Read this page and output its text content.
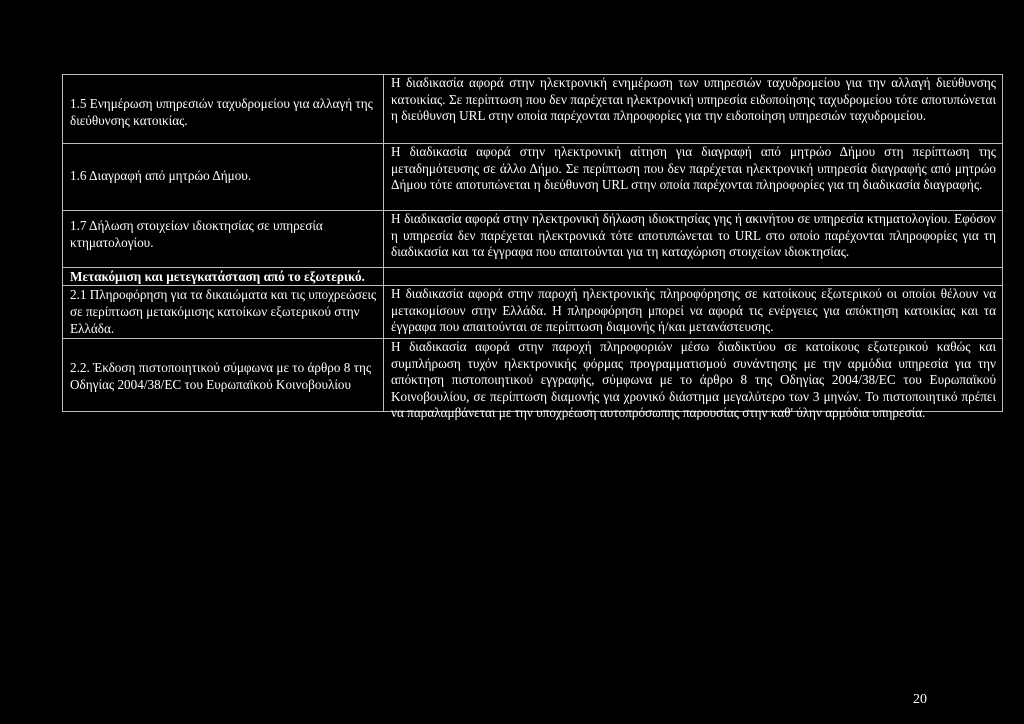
1.5 Ενημέρωση υπηρεσιών ταχυδρομείου για αλλαγή της διεύθυνσης κατοικίας.
Η διαδικασία αφορά στην ηλεκτρονική ενημέρωση των υπηρεσιών ταχυδρομείου για την αλλαγή διεύθυνσης κατοικίας. Σε περίπτωση που δεν παρέχεται ηλεκτρονική υπηρεσία ειδοποίησης ταχυδρομείου τότε αποτυπώνεται η διεύθυνση URL στην οποία παρέχονται πληροφορίες για την ειδοποίηση υπηρεσιών ταχυδρομείου.
1.6 Διαγραφή από μητρώο Δήμου.
Η διαδικασία αφορά στην ηλεκτρονική αίτηση για διαγραφή από μητρώο Δήμου στη περίπτωση της μεταδημότευσης σε άλλο Δήμο. Σε περίπτωση που δεν παρέχεται ηλεκτρονική υπηρεσία διαγραφής από μητρώο Δήμου τότε αποτυπώνεται η διεύθυνση URL στην οποία παρέχονται πληροφορίες για τη διαδικασία διαγραφής.
1.7 Δήλωση στοιχείων ιδιοκτησίας σε υπηρεσία κτηματολογίου.
Η διαδικασία αφορά στην ηλεκτρονική δήλωση ιδιοκτησίας γης ή ακινήτου σε υπηρεσία κτηματολογίου. Εφόσον η υπηρεσία δεν παρέχεται ηλεκτρονικά τότε αποτυπώνεται το URL στο οποίο παρέχονται πληροφορίες για τη διαδικασία και τα έγγραφα που απαιτούνται για τη καταχώριση στοιχείων ιδιοκτησίας.
Μετακόμιση και μετεγκατάσταση από το εξωτερικό.
2.1 Πληροφόρηση για τα δικαιώματα και τις υποχρεώσεις σε περίπτωση μετακόμισης κατοίκων εξωτερικού στην Ελλάδα.
Η διαδικασία αφορά στην παροχή ηλεκτρονικής πληροφόρησης σε κατοίκους εξωτερικού οι οποίοι θέλουν να μετακομίσουν στην Ελλάδα. Η πληροφόρηση μπορεί να αφορά τις ενέργειες για απόκτηση κατοικίας και τα έγγραφα που απαιτούνται σε περίπτωση διαμονής ή/και μετανάστευσης.
2.2. Έκδοση πιστοποιητικού σύμφωνα με το άρθρο 8 της Οδηγίας 2004/38/ΕC του Ευρωπαϊκού Κοινοβουλίου
Η διαδικασία αφορά στην παροχή πληροφοριών μέσω διαδικτύου σε κατοίκους εξωτερικού καθώς και συμπλήρωση τυχόν ηλεκτρονικής φόρμας προγραμματισμού συνάντησης με την αρμόδια υπηρεσία για την απόκτηση πιστοποιητικού εγγραφής, σύμφωνα με το άρθρο 8 της Οδηγίας 2004/38/ΕC του Ευρωπαϊκού Κοινοβουλίου, σε περίπτωση διαμονής για χρονικό διάστημα μεγαλύτερο των 3 μηνών. Το πιστοποιητικό πρέπει να παραλαμβάνεται με την υποχρέωση αυτοπρόσωπης παρουσίας στην καθ' ύλην αρμόδια υπηρεσία.
20
